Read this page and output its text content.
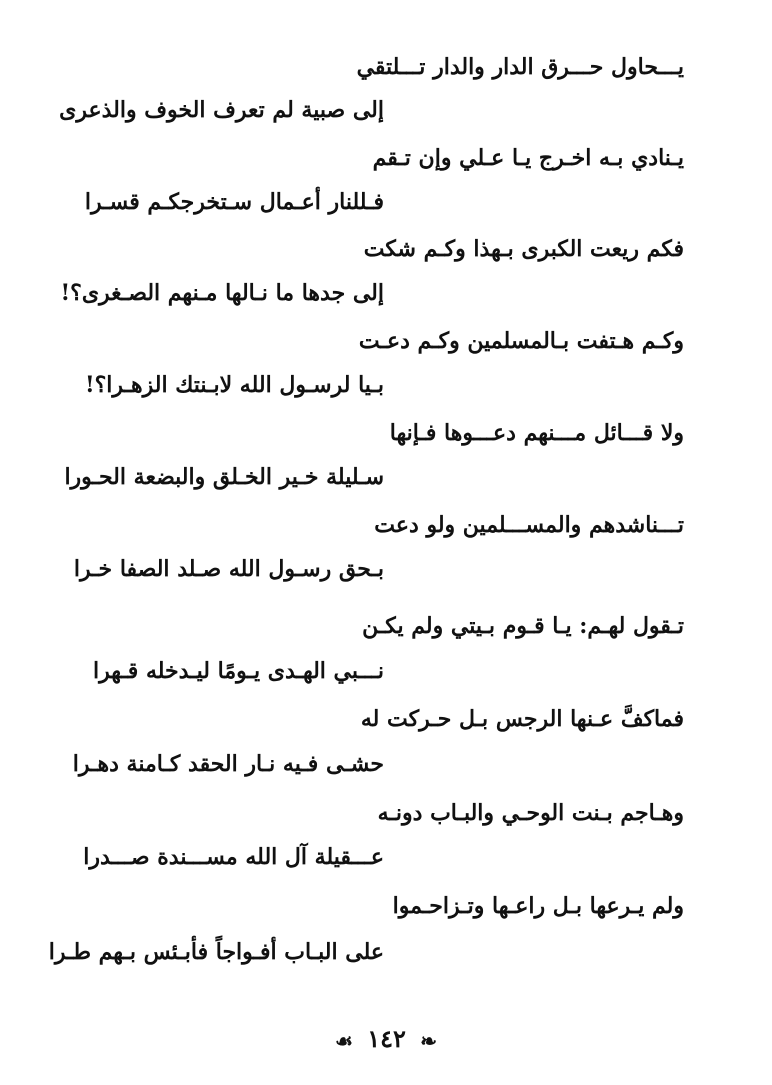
يـــحاول حـــرق الدار والدار تـــلتقي
إلى صبية لم تعرف الخوف والذعرى
يـنادي بـه اخـرج يـا عـلي وإن تـقم
فـللنار أعـمال سـتخرجكـم قسـرا
فكم ريعت الكبرى بـهذا وكـم شكت
إلى جدها ما نـالها مـنهم الصـغرى؟!
وكـم هـتفت بـالمسلمين وكـم دعـت
بـيا لرسـول الله لابـنتك الزهـرا؟!
ولا قـــائل مـــنهم دعـــوها فـإنها
سـليلة خـير الخـلق والبضعة الحـورا
تـــناشدهم والمســـلمين ولو دعت
بـحق رسـول الله صـلد الصفا خـرا
تـقول لهـم: يـا قـوم بـيتي ولم يكـن
نـــبي الهـدى يـومًا ليـدخله قـهرا
فماكفَّ عـنها الرجس بـل حـركت له
حشـى فـيه نـار الحقد كـامنة دهـرا
وهـاجم بـنت الوحـي والبـاب دونـه
عـــقيلة آل الله مســـندة صـــدرا
ولم يـرعها بـل راعـها وتـزاحـموا
على البـاب أفـواجاً فأبـئس بـهم طـرا
❧ ١٤٢ ☙
